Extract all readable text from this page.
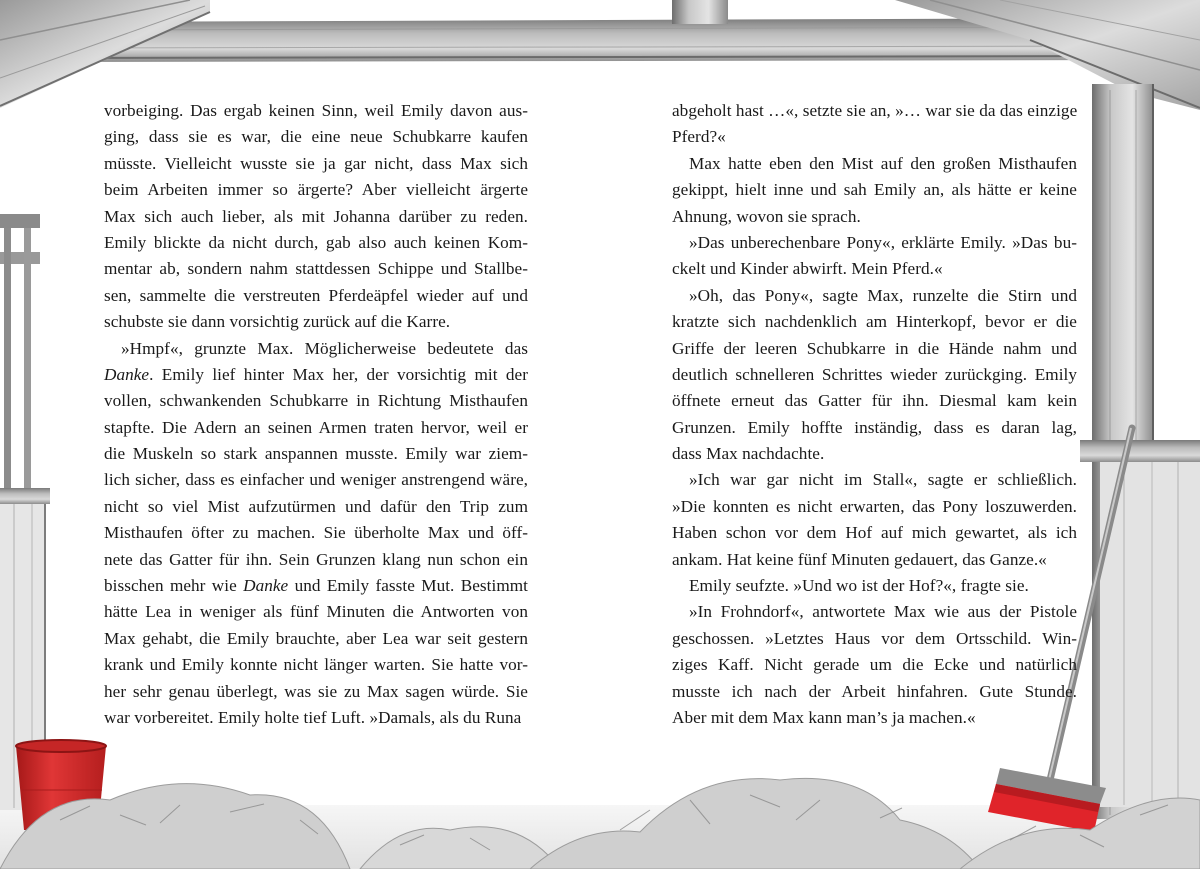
vorbeiging. Das ergab keinen Sinn, weil Emily davon aus-
ging, dass sie es war, die eine neue Schubkarre kaufen
müsste. Vielleicht wusste sie ja gar nicht, dass Max sich
beim Arbeiten immer so ärgerte? Aber vielleicht ärgerte
Max sich auch lieber, als mit Johanna darüber zu reden.
Emily blickte da nicht durch, gab also auch keinen Kom-
mentar ab, sondern nahm stattdessen Schippe und Stallbe-
sen, sammelte die verstreuten Pferdeäpfel wieder auf und
schubste sie dann vorsichtig zurück auf die Karre.
»Hmpf«, grunzte Max. Möglicherweise bedeutete das
Danke. Emily lief hinter Max her, der vorsichtig mit der
vollen, schwankenden Schubkarre in Richtung Misthaufen
stapfte. Die Adern an seinen Armen traten hervor, weil er
die Muskeln so stark anspannen musste. Emily war ziem-
lich sicher, dass es einfacher und weniger anstrengend wäre,
nicht so viel Mist aufzutürmen und dafür den Trip zum
Misthaufen öfter zu machen. Sie überholte Max und öff-
nete das Gatter für ihn. Sein Grunzen klang nun schon ein
bisschen mehr wie Danke und Emily fasste Mut. Bestimmt
hätte Lea in weniger als fünf Minuten die Antworten von
Max gehabt, die Emily brauchte, aber Lea war seit gestern
krank und Emily konnte nicht länger warten. Sie hatte vor-
her sehr genau überlegt, was sie zu Max sagen würde. Sie
war vorbereitet. Emily holte tief Luft. »Damals, als du Runa
abgeholt hast …«, setzte sie an, »… war sie da das einzige
Pferd?«
Max hatte eben den Mist auf den großen Misthaufen
gekippt, hielt inne und sah Emily an, als hätte er keine
Ahnung, wovon sie sprach.
»Das unberechenbare Pony«, erklärte Emily. »Das bu-
ckelt und Kinder abwirft. Mein Pferd.«
»Oh, das Pony«, sagte Max, runzelte die Stirn und
kratzte sich nachdenklich am Hinterkopf, bevor er die
Griffe der leeren Schubkarre in die Hände nahm und
deutlich schnelleren Schrittes wieder zurückging. Emily
öffnete erneut das Gatter für ihn. Diesmal kam kein
Grunzen. Emily hoffte inständig, dass es daran lag,
dass Max nachdachte.
»Ich war gar nicht im Stall«, sagte er schließlich.
»Die konnten es nicht erwarten, das Pony loszuwerden.
Haben schon vor dem Hof auf mich gewartet, als ich
ankam. Hat keine fünf Minuten gedauert, das Ganze.«
Emily seufzte. »Und wo ist der Hof?«, fragte sie.
»In Frohndorf«, antwortete Max wie aus der Pistole
geschossen. »Letztes Haus vor dem Ortsschild. Win-
ziges Kaff. Nicht gerade um die Ecke und natürlich
musste ich nach der Arbeit hinfahren. Gute Stunde.
Aber mit dem Max kann man’s ja machen.«
